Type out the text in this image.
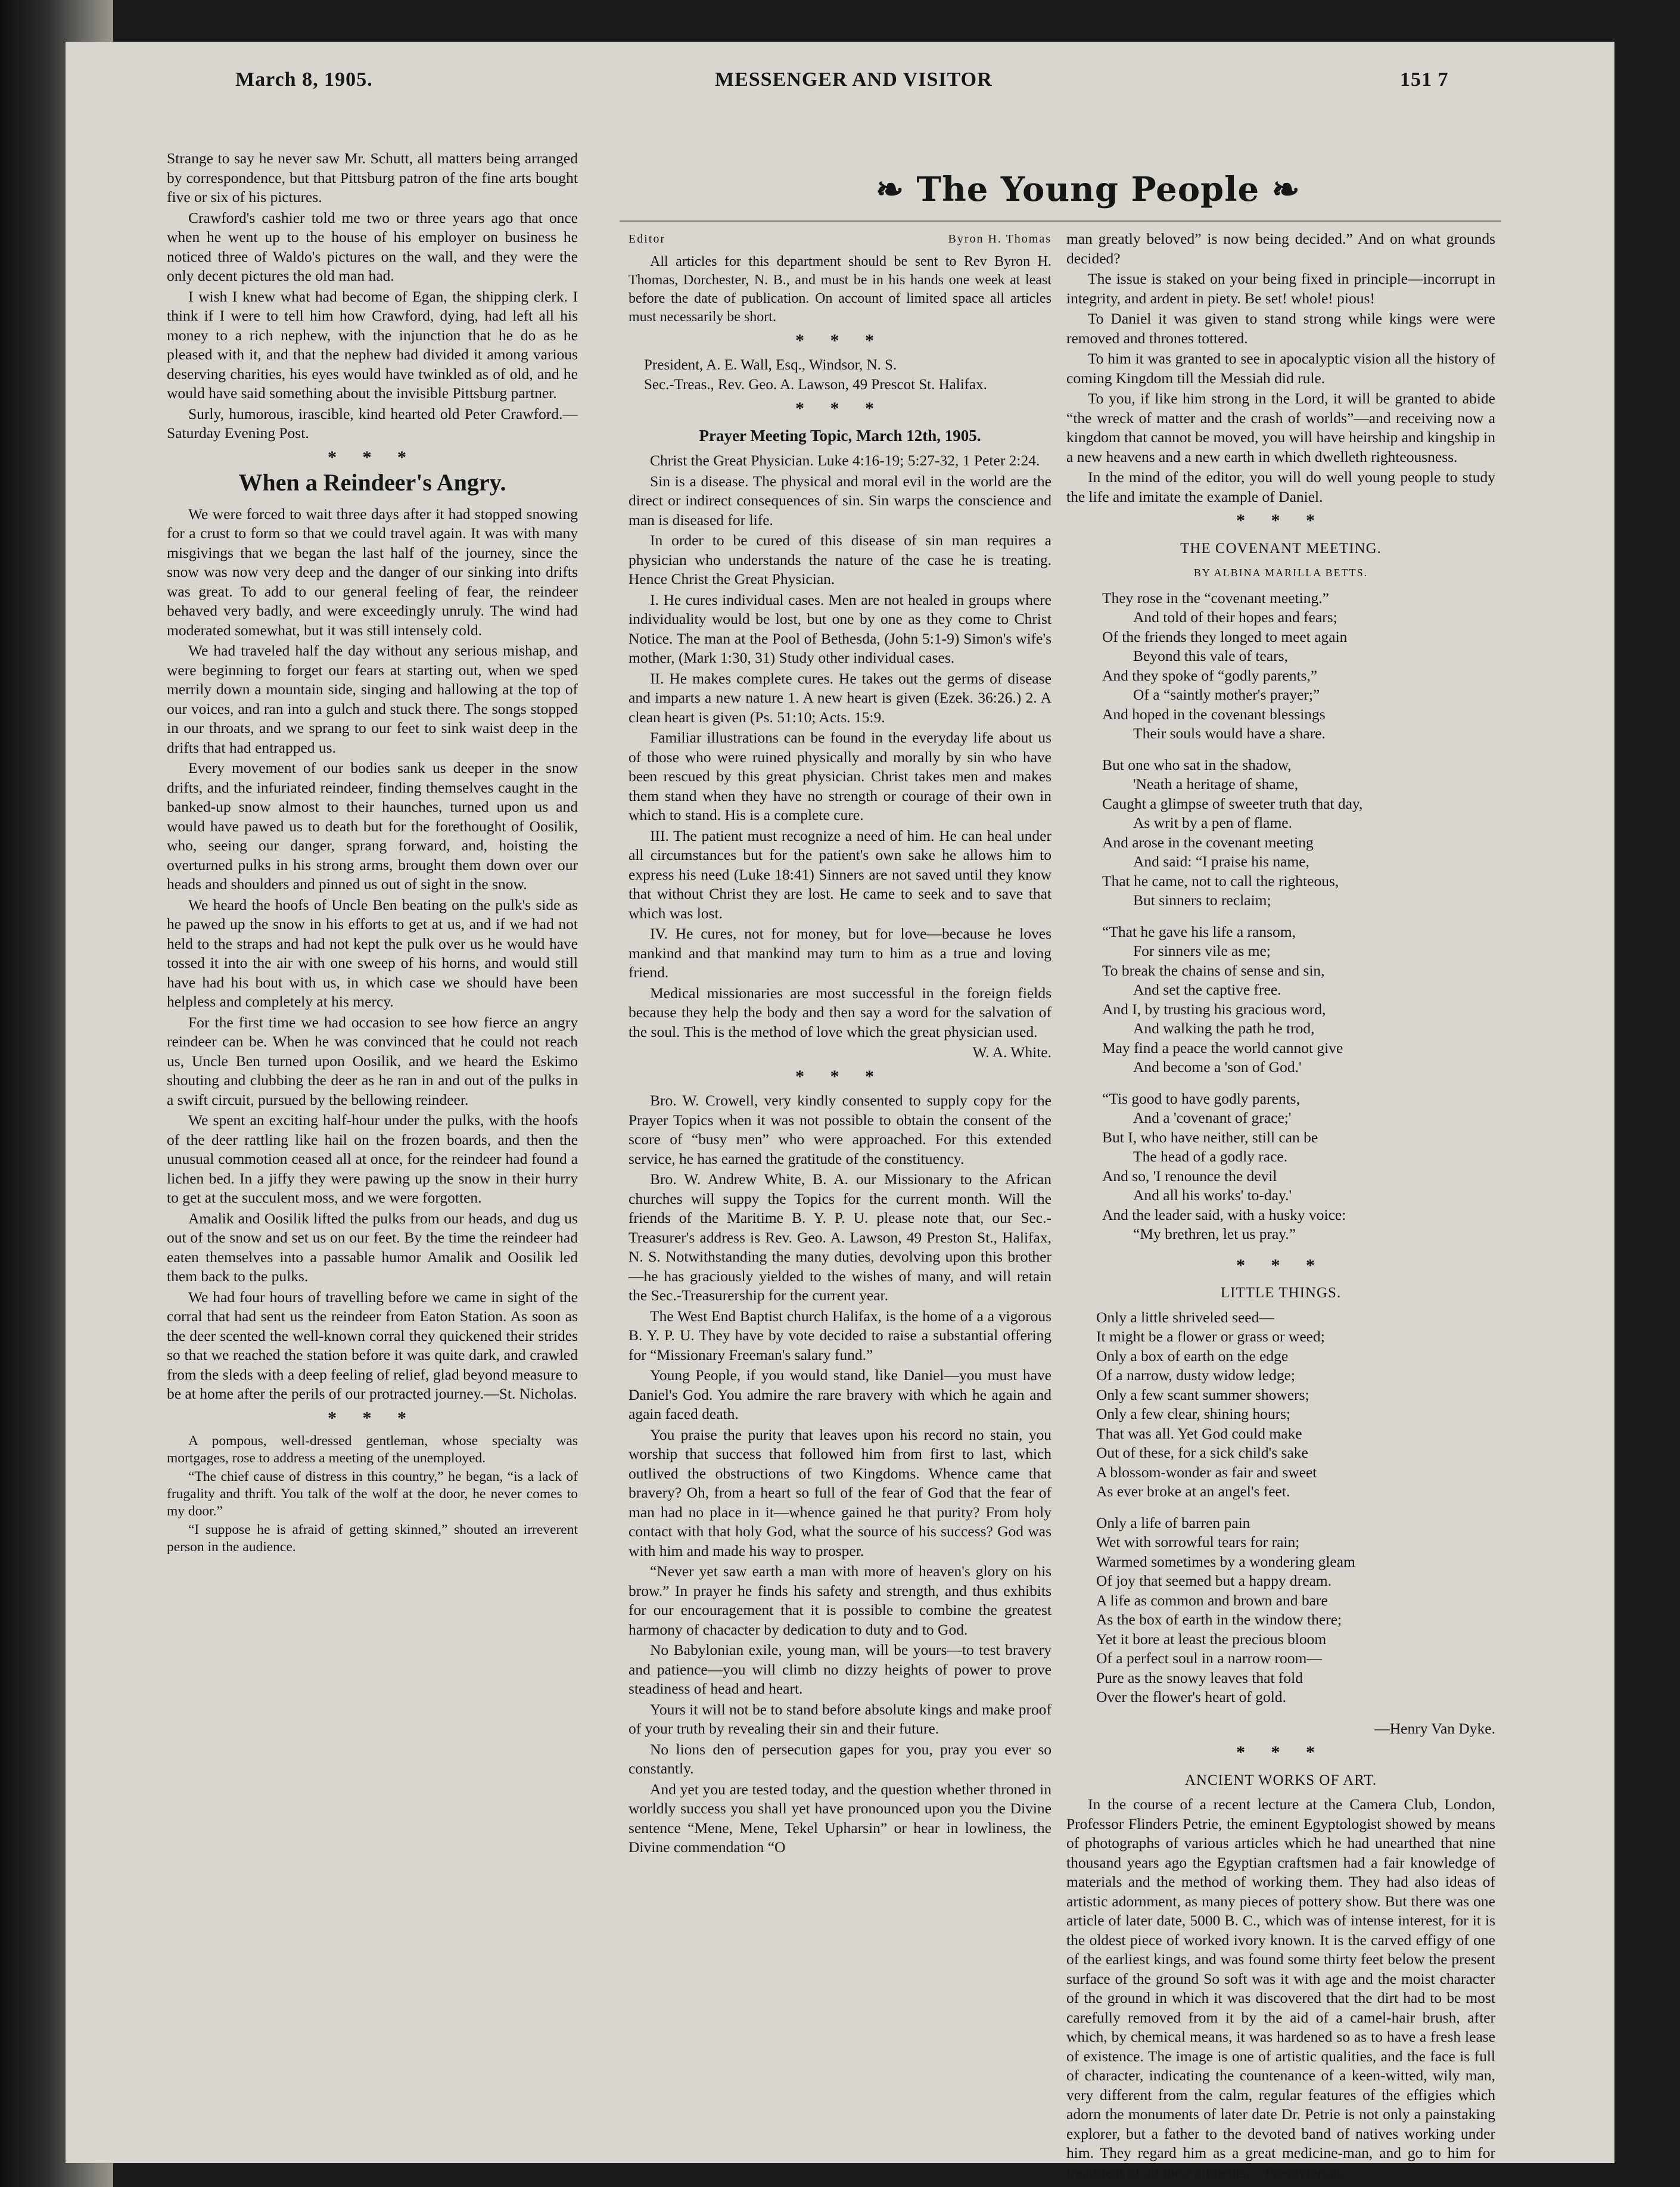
March 8, 1905.	MESSENGER AND VISITOR	151 7
❧ The Young People ❧

Strange to say he never saw Mr. Schutt, all matters being arranged by correspondence, but that Pittsburg patron of the fine arts bought five or six of his pictures.

Crawford's cashier told me two or three years ago that once when he went up to the house of his employer on business he noticed three of Waldo's pictures on the wall, and they were the only decent pictures the old man had.

I wish I knew what had become of Egan, the shipping clerk. I think if I were to tell him how Crawford, dying, had left all his money to a rich nephew, with the injunction that he do as he pleased with it, and that the nephew had divided it among various deserving charities, his eyes would have twinkled as of old, and he would have said something about the invisible Pittsburg partner.

Surly, humorous, irascible, kind hearted old Peter Crawford.—Saturday Evening Post.

* * *
When a Reindeer's Angry.

We were forced to wait three days after it had stopped snowing for a crust to form so that we could travel again. It was with many misgivings that we began the last half of the journey, since the snow was now very deep and the danger of our sinking into drifts was great. To add to our general feeling of fear, the reindeer behaved very badly, and were exceedingly unruly. The wind had moderated somewhat, but it was still intensely cold.

We had traveled half the day without any serious mishap, and were beginning to forget our fears at starting out, when we sped merrily down a mountain side, singing and hallowing at the top of our voices, and ran into a gulch and stuck there. The songs stopped in our throats, and we sprang to our feet to sink waist deep in the drifts that had entrapped us.

Every movement of our bodies sank us deeper in the snow drifts, and the infuriated reindeer, finding themselves caught in the banked-up snow almost to their haunches, turned upon us and would have pawed us to death but for the forethought of Oosilik, who, seeing our danger, sprang forward, and, hoisting the overturned pulks in his strong arms, brought them down over our heads and shoulders and pinned us out of sight in the snow.

We heard the hoofs of Uncle Ben beating on the pulk's side as he pawed up the snow in his efforts to get at us, and if we had not held to the straps and had not kept the pulk over us he would have tossed it into the air with one sweep of his horns, and would still have had his bout with us, in which case we should have been helpless and completely at his mercy.

For the first time we had occasion to see how fierce an angry reindeer can be. When he was convinced that he could not reach us, Uncle Ben turned upon Oosilik, and we heard the Eskimo shouting and clubbing the deer as he ran in and out of the pulks in a swift circuit, pursued by the bellowing reindeer.

We spent an exciting half-hour under the pulks, with the hoofs of the deer rattling like hail on the frozen boards, and then the unusual commotion ceased all at once, for the reindeer had found a lichen bed. In a jiffy they were pawing up the snow in their hurry to get at the succulent moss, and we were forgotten.

Amalik and Oosilik lifted the pulks from our heads, and dug us out of the snow and set us on our feet. By the time the reindeer had eaten themselves into a passable humor Amalik and Oosilik led them back to the pulks.

We had four hours of travelling before we came in sight of the corral that had sent us the reindeer from Eaton Station. As soon as the deer scented the well-known corral they quickened their strides so that we reached the station before it was quite dark, and crawled from the sleds with a deep feeling of relief, glad beyond measure to be at home after the perils of our protracted journey.—St. Nicholas.

* * *

A pompous, well-dressed gentleman, whose specialty was mortgages, rose to address a meeting of the unemployed.

“The chief cause of distress in this country,” he began, “is a lack of frugality and thrift. You talk of the wolf at the door, he never comes to my door.”

“I suppose he is afraid of getting skinned,” shouted an irreverent person in the audience.

Editor	Byron H. Thomas

All articles for this department should be sent to Rev Byron H. Thomas, Dorchester, N. B., and must be in his hands one week at least before the date of publication. On account of limited space all articles must necessarily be short.

* * *
President, A. E. Wall, Esq., Windsor, N. S.
Sec.-Treas., Rev. Geo. A. Lawson, 49 Prescot St. Halifax.
* * *
Prayer Meeting Topic, March 12th, 1905.

Christ the Great Physician. Luke 4:16-19; 5:27-32, 1 Peter 2:24.

Sin is a disease. The physical and moral evil in the world are the direct or indirect consequences of sin. Sin warps the conscience and man is diseased for life.

In order to be cured of this disease of sin man requires a physician who understands the nature of the case he is treating. Hence Christ the Great Physician.

I. He cures individual cases. Men are not healed in groups where individuality would be lost, but one by one as they come to Christ Notice. The man at the Pool of Bethesda, (John 5:1-9) Simon's wife's mother, (Mark 1:30, 31) Study other individual cases.

II. He makes complete cures. He takes out the germs of disease and imparts a new nature 1. A new heart is given (Ezek. 36:26.) 2. A clean heart is given (Ps. 51:10; Acts. 15:9.

Familiar illustrations can be found in the everyday life about us of those who were ruined physically and morally by sin who have been rescued by this great physician. Christ takes men and makes them stand when they have no strength or courage of their own in which to stand. His is a complete cure.

III. The patient must recognize a need of him. He can heal under all circumstances but for the patient's own sake he allows him to express his need (Luke 18:41) Sinners are not saved until they know that without Christ they are lost. He came to seek and to save that which was lost.

IV. He cures, not for money, but for love—because he loves mankind and that mankind may turn to him as a true and loving friend.

Medical missionaries are most successful in the foreign fields because they help the body and then say a word for the salvation of the soul. This is the method of love which the great physician used.

W. A. White.
* * *

Bro. W. Crowell, very kindly consented to supply copy for the Prayer Topics when it was not possible to obtain the consent of the score of “busy men” who were approached. For this extended service, he has earned the gratitude of the constituency.

Bro. W. Andrew White, B. A. our Missionary to the African churches will suppy the Topics for the current month. Will the friends of the Maritime B. Y. P. U. please note that, our Sec.-Treasurer's address is Rev. Geo. A. Lawson, 49 Preston St., Halifax, N. S. Notwithstanding the many duties, devolving upon this brother—he has graciously yielded to the wishes of many, and will retain the Sec.-Treasurership for the current year.

The West End Baptist church Halifax, is the home of a a vigorous B. Y. P. U. They have by vote decided to raise a substantial offering for “Missionary Freeman's salary fund.”

Young People, if you would stand, like Daniel—you must have Daniel's God. You admire the rare bravery with which he again and again faced death.

You praise the purity that leaves upon his record no stain, you worship that success that followed him from first to last, which outlived the obstructions of two Kingdoms. Whence came that bravery? Oh, from a heart so full of the fear of God that the fear of man had no place in it—whence gained he that purity? From holy contact with that holy God, what the source of his success? God was with him and made his way to prosper.

“Never yet saw earth a man with more of heaven's glory on his brow.” In prayer he finds his safety and strength, and thus exhibits for our encouragement that it is possible to combine the greatest harmony of chacacter by dedication to duty and to God.

No Babylonian exile, young man, will be yours—to test bravery and patience—you will climb no dizzy heights of power to prove steadiness of head and heart.

Yours it will not be to stand before absolute kings and make proof of your truth by revealing their sin and their future.

No lions den of persecution gapes for you, pray you ever so constantly.

And yet you are tested today, and the question whether throned in worldly success you shall yet have pronounced upon you the Divine sentence “Mene, Mene, Tekel Upharsin” or hear in lowliness, the Divine commendation “O

man greatly beloved” is now being decided.” And on what grounds decided?

The issue is staked on your being fixed in principle—incorrupt in integrity, and ardent in piety. Be set! whole! pious!

To Daniel it was given to stand strong while kings were were removed and thrones tottered.

To him it was granted to see in apocalyptic vision all the history of coming Kingdom till the Messiah did rule.

To you, if like him strong in the Lord, it will be granted to abide “the wreck of matter and the crash of worlds”—and receiving now a kingdom that cannot be moved, you will have heirship and kingship in a new heavens and a new earth in which dwelleth righteousness.

In the mind of the editor, you will do well young people to study the life and imitate the example of Daniel.

* * *
THE COVENANT MEETING.
BY ALBINA MARILLA BETTS.
They rose in the “covenant meeting.”
And told of their hopes and fears;
Of the friends they longed to meet again
Beyond this vale of tears,
And they spoke of “godly parents,”
Of a “saintly mother's prayer;”
And hoped in the covenant blessings
Their souls would have a share.
But one who sat in the shadow,
'Neath a heritage of shame,
Caught a glimpse of sweeter truth that day,
As writ by a pen of flame.
And arose in the covenant meeting
And said: “I praise his name,
That he came, not to call the righteous,
But sinners to reclaim;
“That he gave his life a ransom,
For sinners vile as me;
To break the chains of sense and sin,
And set the captive free.
And I, by trusting his gracious word,
And walking the path he trod,
May find a peace the world cannot give
And become a 'son of God.'
“Tis good to have godly parents,
And a 'covenant of grace;'
But I, who have neither, still can be
The head of a godly race.
And so, 'I renounce the devil
And all his works' to-day.'
And the leader said, with a husky voice:
“My brethren, let us pray.”
* * *
LITTLE THINGS.
Only a little shriveled seed—
It might be a flower or grass or weed;
Only a box of earth on the edge
Of a narrow, dusty widow ledge;
Only a few scant summer showers;
Only a few clear, shining hours;
That was all. Yet God could make
Out of these, for a sick child's sake
A blossom-wonder as fair and sweet
As ever broke at an angel's feet.
Only a life of barren pain
Wet with sorrowful tears for rain;
Warmed sometimes by a wondering gleam
Of joy that seemed but a happy dream.
A life as common and brown and bare
As the box of earth in the window there;
Yet it bore at least the precious bloom
Of a perfect soul in a narrow room—
Pure as the snowy leaves that fold
Over the flower's heart of gold.
—Henry Van Dyke.
* * *
ANCIENT WORKS OF ART.

In the course of a recent lecture at the Camera Club, London, Professor Flinders Petrie, the eminent Egyptologist showed by means of photographs of various articles which he had unearthed that nine thousand years ago the Egyptian craftsmen had a fair knowledge of materials and the method of working them. They had also ideas of artistic adornment, as many pieces of pottery show. But there was one article of later date, 5000 B. C., which was of intense interest, for it is the oldest piece of worked ivory known. It is the carved effigy of one of the earliest kings, and was found some thirty feet below the present surface of the ground So soft was it with age and the moist character of the ground in which it was discovered that the dirt had to be most carefully removed from it by the aid of a camel-hair brush, after which, by chemical means, it was hardened so as to have a fresh lease of existence. The image is one of artistic qualities, and the face is full of character, indicating the countenance of a keen-witted, wily man, very different from the calm, regular features of the effigies which adorn the monuments of later date Dr. Petrie is not only a painstaking explorer, but a father to the devoted band of natives working under him. They regard him as a great medicine-man, and go to him for treatment of all their ailments.—Presbyterian.
